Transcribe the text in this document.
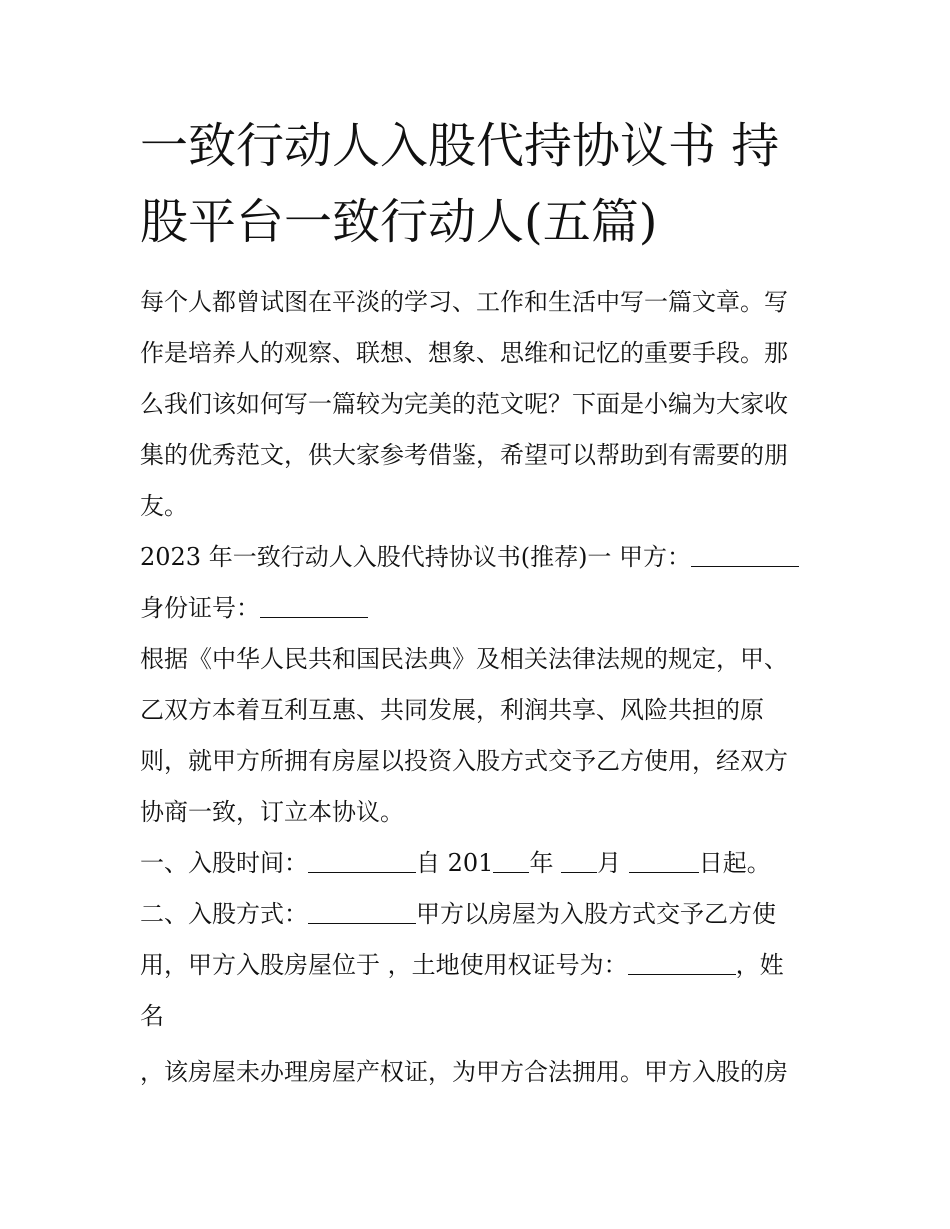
一致行动人入股代持协议书 持
股平台一致行动人(五篇)
每个人都曾试图在平淡的学习、工作和生活中写一篇文章。写
作是培养人的观察、联想、想象、思维和记忆的重要手段。那
么我们该如何写一篇较为完美的范文呢？下面是小编为大家收
集的优秀范文，供大家参考借鉴，希望可以帮助到有需要的朋
友。
2023 年一致行动人入股代持协议书(推荐)一 甲方：
身份证号：
根据《中华人民共和国民法典》及相关法律法规的规定，甲、
乙双方本着互利互惠、共同发展，利润共享、风险共担的原
则，就甲方所拥有房屋以投资入股方式交予乙方使用，经双方
协商一致，订立本协议。
一、入股时间：	自 201 年 月	日起。
二、入股方式：	甲方以房屋为入股方式交予乙方使
用，甲方入股房屋位于 ，土地使用权证号为：	，姓
名
，该房屋未办理房屋产权证，为甲方合法拥用。甲方入股的房
